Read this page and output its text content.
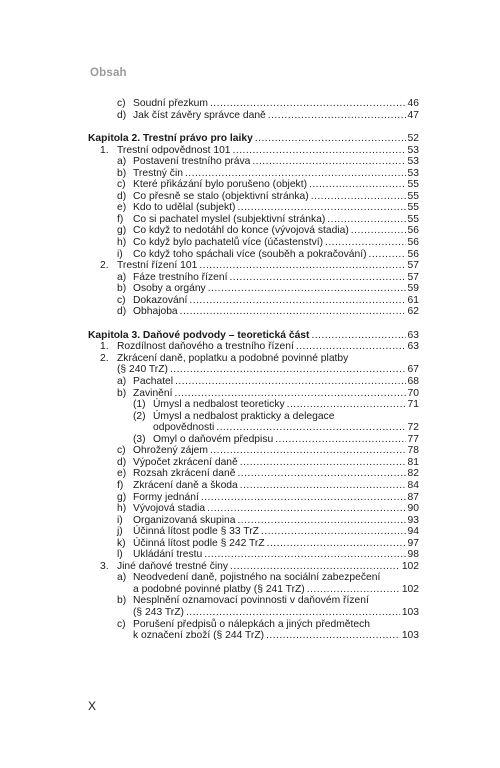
Obsah
c) Soudní přezkum . . .	46
d) Jak číst závěry správce daně . . .	47
Kapitola 2. Trestní právo pro laiky . . .	52
1. Trestní odpovědnost 101 . . .	53
a) Postavení trestního práva . . .	53
b) Trestný čin . . .	53
c) Které přikázání bylo porušeno (objekt) . . .	55
d) Co přesně se stalo (objektivní stránka) . . .	55
e) Kdo to udělal (subjekt) . . .	55
f) Co si pachatel myslel (subjektivní stránka) . . .	55
g) Co když to nedotáhl do konce (vývojová stadia) . . .	56
h) Co když bylo pachatelů více (účastenství) . . .	56
i) Co když toho spáchali více (souběh a pokračování) . . .	56
2. Trestní řízení 101 . . .	57
a) Fáze trestního řízení . . .	57
b) Osoby a orgány . . .	59
c) Dokazování . . .	61
d) Obhajoba . . .	62
Kapitola 3. Daňové podvody – teoretická část . . .	63
1. Rozdílnost daňového a trestního řízení . . .	63
2. Zkrácení daně, poplatku a podobné povinné platby
(§ 240 TrZ) . . .	67
a) Pachatel . . .	68
b) Zavinění . . .	70
(1) Úmysl a nedbalost teoreticky . . .	71
(2) Úmysl a nedbalost prakticky a delegace
odpovědnosti . . .	72
(3) Omyl o daňovém předpisu . . .	77
c) Ohrožený zájem . . .	78
d) Výpočet zkrácení daně . . .	81
e) Rozsah zkrácení daně . . .	82
f) Zkrácení daně a škoda . . .	84
g) Formy jednání . . .	87
h) Vývojová stadia . . .	90
i) Organizovaná skupina . . .	93
j) Účinná lítost podle § 33 TrZ . . .	94
k) Účinná lítost podle § 242 TrZ . . .	97
l) Ukládání trestu . . .	98
3. Jiné daňové trestné činy . . .	102
a) Neodvedení daně, pojistného na sociální zabezpečení
a podobné povinné platby (§ 241 TrZ) . . .	102
b) Nesplnění oznamovací povinnosti v daňovém řízení
(§ 243 TrZ) . . .	103
c) Porušení předpisů o nálepkách a jiných předmětech
k označení zboží (§ 244 TrZ) . . .	103
X
